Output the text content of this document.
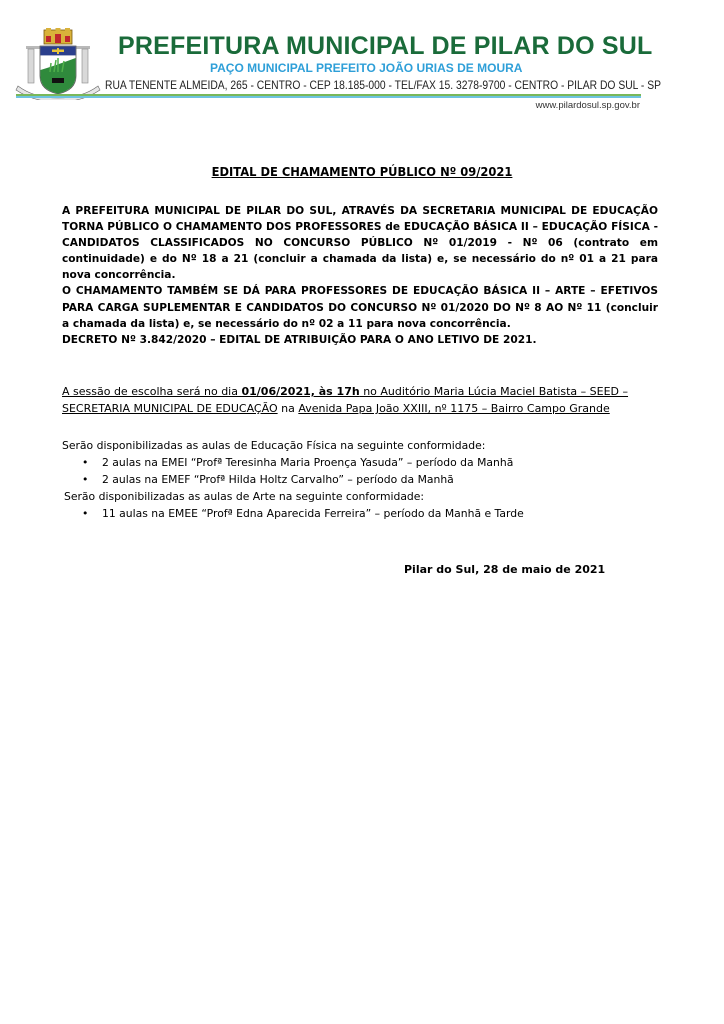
PREFEITURA MUNICIPAL DE PILAR DO SUL
PAÇO MUNICIPAL PREFEITO JOÃO URIAS DE MOURA
RUA TENENTE ALMEIDA, 265 - CENTRO - CEP 18.185-000 - TEL/FAX 15. 3278-9700 - CENTRO - PILAR DO SUL - SP
www.pilardosul.sp.gov.br
EDITAL DE CHAMAMENTO PÚBLICO Nº 09/2021

A PREFEITURA MUNICIPAL DE PILAR DO SUL, ATRAVÉS DA SECRETARIA MUNICIPAL DE EDUCAÇÃO TORNA PÚBLICO O CHAMAMENTO DOS PROFESSORES de EDUCAÇÃO BÁSICA II – EDUCAÇÃO FÍSICA - CANDIDATOS CLASSIFICADOS NO CONCURSO PÚBLICO Nº 01/2019 - Nº 06 (contrato em continuidade) e do Nº 18 a 21 (concluir a chamada da lista) e, se necessário do nº 01 a 21 para nova concorrência.

O CHAMAMENTO TAMBÉM SE DÁ PARA PROFESSORES DE EDUCAÇÃO BÁSICA II – ARTE – EFETIVOS PARA CARGA SUPLEMENTAR E CANDIDATOS DO CONCURSO Nº 01/2020 DO Nº 8 AO Nº 11 (concluir a chamada da lista) e, se necessário do nº 02 a 11 para nova concorrência.

DECRETO Nº 3.842/2020 – EDITAL DE ATRIBUIÇÃO PARA O ANO LETIVO DE 2021.

A sessão de escolha será no dia 01/06/2021, às 17h no Auditório Maria Lúcia Maciel Batista – SEED – SECRETARIA MUNICIPAL DE EDUCAÇÃO na Avenida Papa João XXIII, nº 1175 – Bairro Campo Grande

Serão disponibilizadas as aulas de Educação Física na seguinte conformidade:

• 2 aulas na EMEI “Profª Teresinha Maria Proença Yasuda” – período da Manhã
• 2 aulas na EMEF “Profª Hilda Holtz Carvalho” – período da Manhã

Serão disponibilizadas as aulas de Arte na seguinte conformidade:

• 11 aulas na EMEE “Profª Edna Aparecida Ferreira” – período da Manhã e Tarde
Pilar do Sul, 28 de maio de 2021
